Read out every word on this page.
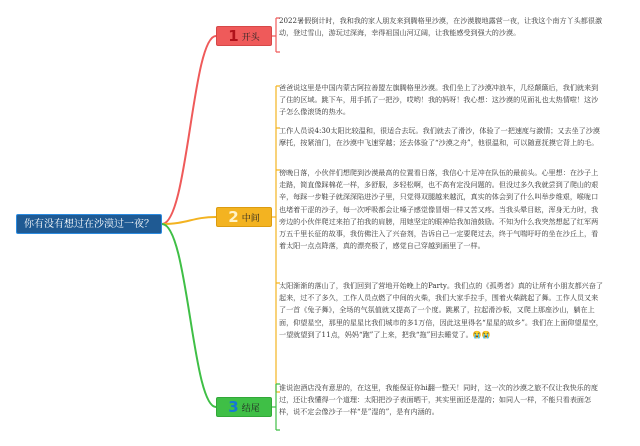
你有没有想过在沙漠过一夜？
1 开头
2 中间
3 结尾

2022暑假倒计时，我和我的家人朋友来到腾格里沙漠，在沙漠腹地露营一夜，让我这个南方丫头都很激动，登过雪山，游玩过深海，幸得祖国山河辽阔，让我能感受到强大的沙漠。

爸爸说这里是中国内蒙古阿拉善盟左旗腾格里沙漠。我们坐上了沙漠冲浪车，几经颠簸后，我们就来到了住的区域。跳下车，用手抓了一把沙，哎哟！我的妈呀！我心想：这沙漠的见面礼也太热情啦！这沙子怎么像滚烫的热水。

工作人员说4:30太阳比较温和，很适合去玩。我们就去了滑沙，体验了一把速度与激情；又去坐了沙漠摩托，按紧油门，在沙漠中飞速穿越；还去体验了“沙漠之舟”，他很温和，可以随意抚摸它背上的毛。

傍晚日落，小伙伴们想爬到沙漠最高的位置看日落，我信心十足冲在队伍的最前头。心里想：在沙子上走路，简直像踩棉花一样，多舒服，多轻松啊，也不高有定没问题的。但没过多久我就尝到了爬山的艰辛，每踩一步鞋子就深深陷进沙子里，只觉得双腿越来越沉，真实的体会到了什么叫举步维艰，喉咙口也堵着干涩的沙子，每一次呼吸都会让嗓子感觉像冒烟一样又苦又疼。当我头晕目眩，浑身无力时，我旁边的小伙伴爬过来拍了拍我的肩膀，用她坚定的眼神给我加油鼓励。不知为什么我突然想起了红军两万五千里长征的故事，我仿佛注入了兴奋剂，告诉自己一定要爬过去，终于气喘吁吁的坐在沙丘上，看着太阳一点点降落，真的漂亮极了，感觉自己穿越到画里了一样。

太阳渐渐的落山了，我们回到了营地开始晚上的Party。我们点的《孤勇者》真的让所有小朋友都兴奋了起来，过不了多久，工作人员点燃了中间的火柴，我们大家手拉手，围着火柴跳起了舞。工作人员又来了一首《兔子舞》，全场的气氛值就又提高了一个度。跳累了，拉起滑沙板，又爬上那座沙山，躺在上面，仰望星空，那里的星星比我们城市的多1万倍，因此这里得名“星星的故乡”。我们在上面仰望星空，一望就望到了11点，妈妈“跑”了上来，把我“拖”回去睡觉了。😭😭

谁说泡酒店没有意思的，在这里，我能保证你hi翻一整天！同时，这一次的沙漠之旅不仅让我快乐的度过，还让我懂得一个道理：太阳把沙子表面晒干，其实里面还是湿的；如同人一样，不能只看表面怎样，说不定会像沙子一样“是”湿的”，是有内涵的。
